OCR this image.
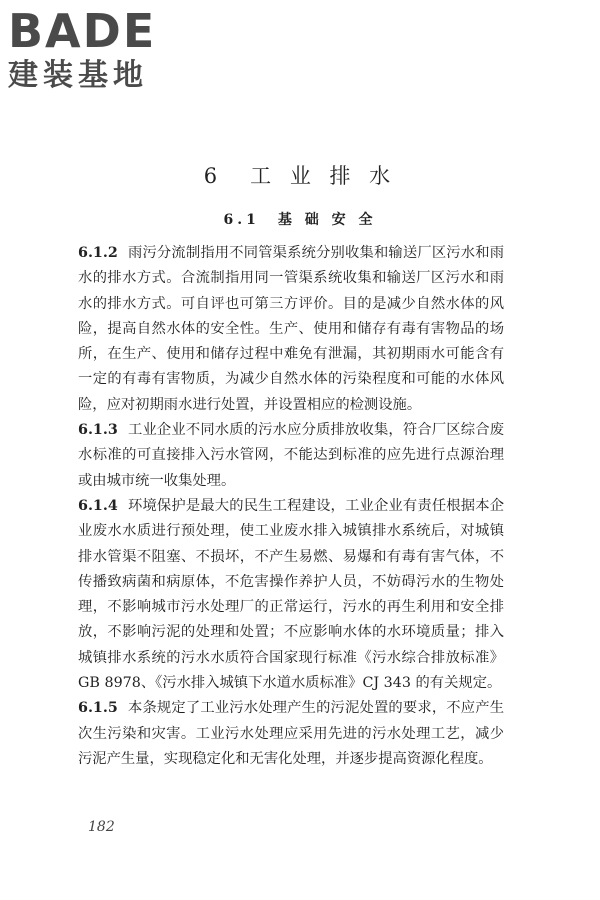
BADE
建装基地
6　工 业 排 水
6.1　基 础 安 全

6.1.2 雨污分流制指用不同管渠系统分别收集和输送厂区污水和雨水的排水方式。合流制指用同一管渠系统收集和输送厂区污水和雨水的排水方式。可自评也可第三方评价。目的是减少自然水体的风险，提高自然水体的安全性。生产、使用和储存有毒有害物品的场所，在生产、使用和储存过程中难免有泄漏，其初期雨水可能含有一定的有毒有害物质，为减少自然水体的污染程度和可能的水体风险，应对初期雨水进行处置，并设置相应的检测设施。

6.1.3 工业企业不同水质的污水应分质排放收集，符合厂区综合废水标准的可直接排入污水管网，不能达到标准的应先进行点源治理或由城市统一收集处理。

6.1.4 环境保护是最大的民生工程建设，工业企业有责任根据本企业废水水质进行预处理，使工业废水排入城镇排水系统后，对城镇排水管渠不阻塞、不损坏，不产生易燃、易爆和有毒有害气体，不传播致病菌和病原体，不危害操作养护人员，不妨碍污水的生物处理，不影响城市污水处理厂的正常运行，污水的再生利用和安全排放，不影响污泥的处理和处置；不应影响水体的水环境质量；排入城镇排水系统的污水水质符合国家现行标准《污水综合排放标准》GB 8978、《污水排入城镇下水道水质标准》CJ 343 的有关规定。

6.1.5 本条规定了工业污水处理产生的污泥处置的要求，不应产生次生污染和灾害。工业污水处理应采用先进的污水处理工艺，减少污泥产生量，实现稳定化和无害化处理，并逐步提高资源化程度。

182
